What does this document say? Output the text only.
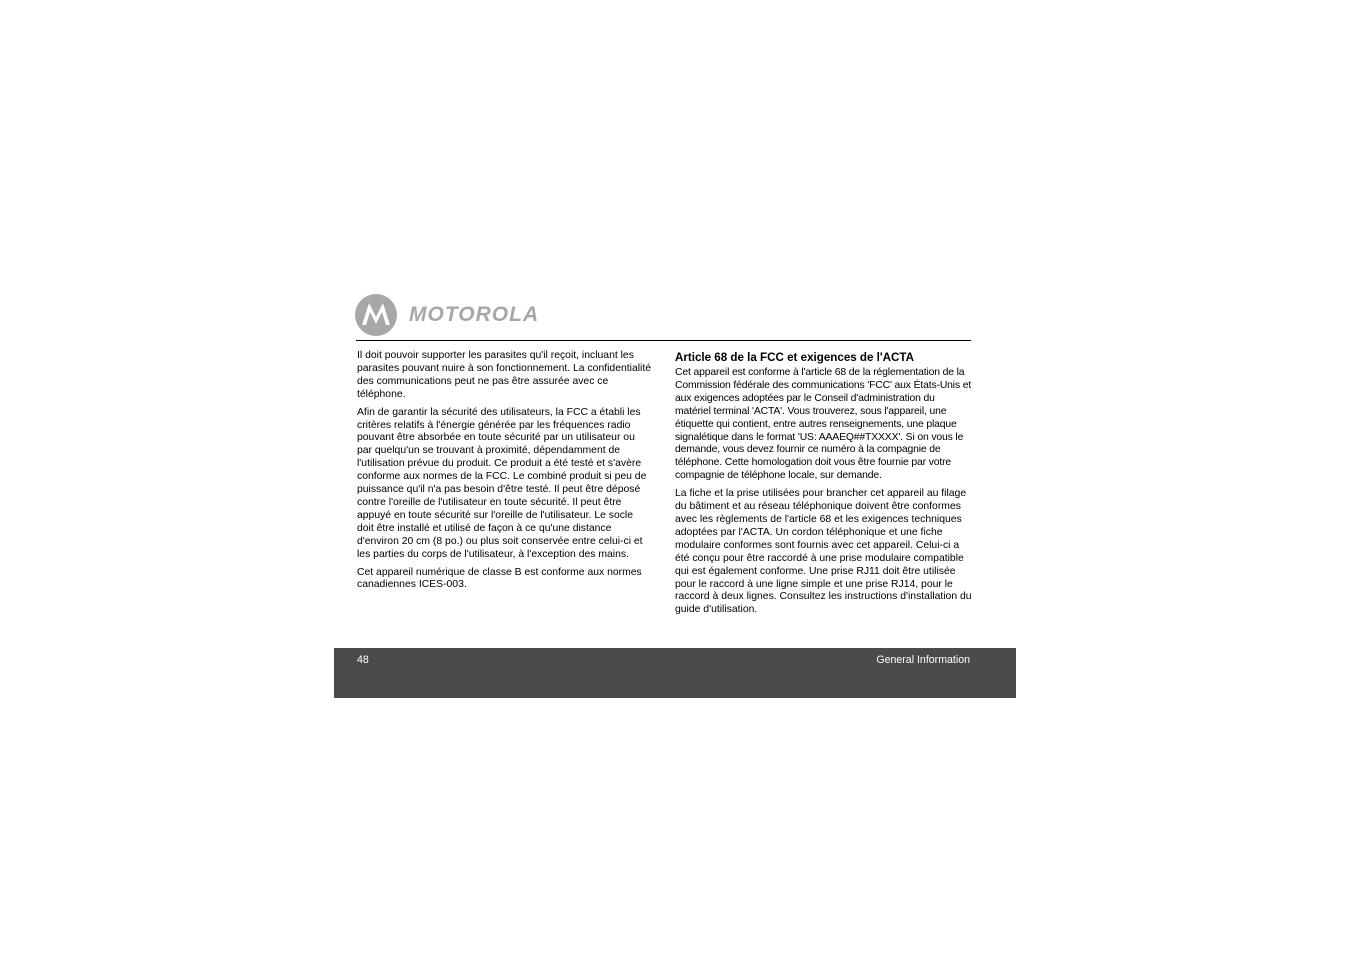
MOTOROLA

Il doit pouvoir supporter les parasites qu'il reçoit, incluant les parasites pouvant nuire à son fonctionnement. La confidentialité des communications peut ne pas être assurée avec ce téléphone.

Afin de garantir la sécurité des utilisateurs, la FCC a établi les critères relatifs à l'énergie générée par les fréquences radio pouvant être absorbée en toute sécurité par un utilisateur ou par quelqu'un se trouvant à proximité, dépendamment de l'utilisation prévue du produit. Ce produit a été testé et s'avère conforme aux normes de la FCC. Le combiné produit si peu de puissance qu'il n'a pas besoin d'être testé. Il peut être déposé contre l'oreille de l'utilisateur en toute sécurité. Il peut être appuyé en toute sécurité sur l'oreille de l'utilisateur. Le socle doit être installé et utilisé de façon à ce qu'une distance d'environ 20 cm (8 po.) ou plus soit conservée entre celui-ci et les parties du corps de l'utilisateur, à l'exception des mains.

Cet appareil numérique de classe B est conforme aux normes canadiennes ICES-003.

Article 68 de la FCC et exigences de l'ACTA

Cet appareil est conforme à l'article 68 de la réglementation de la Commission fédérale des communications 'FCC' aux États-Unis et aux exigences adoptées par le Conseil d'administration du matériel terminal 'ACTA'. Vous trouverez, sous l'appareil, une étiquette qui contient, entre autres renseignements, une plaque signalétique dans le format 'US: AAAEQ##TXXXX'. Si on vous le demande, vous devez fournir ce numéro à la compagnie de téléphone. Cette homologation doit vous être fournie par votre compagnie de téléphone locale, sur demande.

La fiche et la prise utilisées pour brancher cet appareil au filage du bâtiment et au réseau téléphonique doivent être conformes avec les règlements de l'article 68 et les exigences techniques adoptées par l'ACTA. Un cordon téléphonique et une fiche modulaire conformes sont fournis avec cet appareil. Celui-ci a été conçu pour être raccordé à une prise modulaire compatible qui est également conforme. Une prise RJ11 doit être utilisée pour le raccord à une ligne simple et une prise RJ14, pour le raccord à deux lignes. Consultez les instructions d'installation du guide d'utilisation.

48	General Information
